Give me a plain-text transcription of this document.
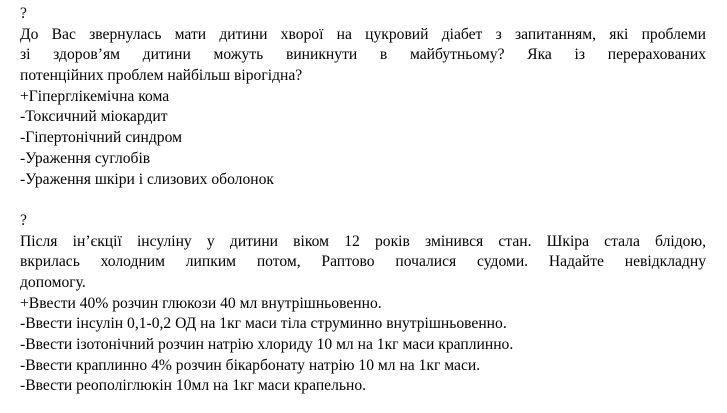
?
До Вас звернулась мати дитини хворої на цукровий діабет з запитанням, які проблеми
зі здоров’ям дитини можуть виникнути в майбутньому? Яка із перерахованих
потенційних проблем найбільш вірогідна?
+Гіперглікемічна кома
-Токсичний міокардит
-Гіпертонічний синдром
-Ураження суглобів
-Ураження шкіри і слизових оболонок
?
Після ін’єкції інсуліну у дитини віком 12 років змінився стан. Шкіра стала блідою,
вкрилась холодним липким потом, Раптово почалися судоми. Надайте невідкладну
допомогу.
+Ввести 40% розчин глюкози 40 мл внутрішньовенно.
-Ввести інсулін 0,1-0,2 ОД на 1кг маси тіла струминно внутрішньовенно.
-Ввести ізотонічний розчин натрію хлориду 10 мл на 1кг маси краплинно.
-Ввести краплинно 4% розчин бікарбонату натрію 10 мл на 1кг маси.
-Ввести реополіглюкін 10мл на 1кг маси крапельно.
